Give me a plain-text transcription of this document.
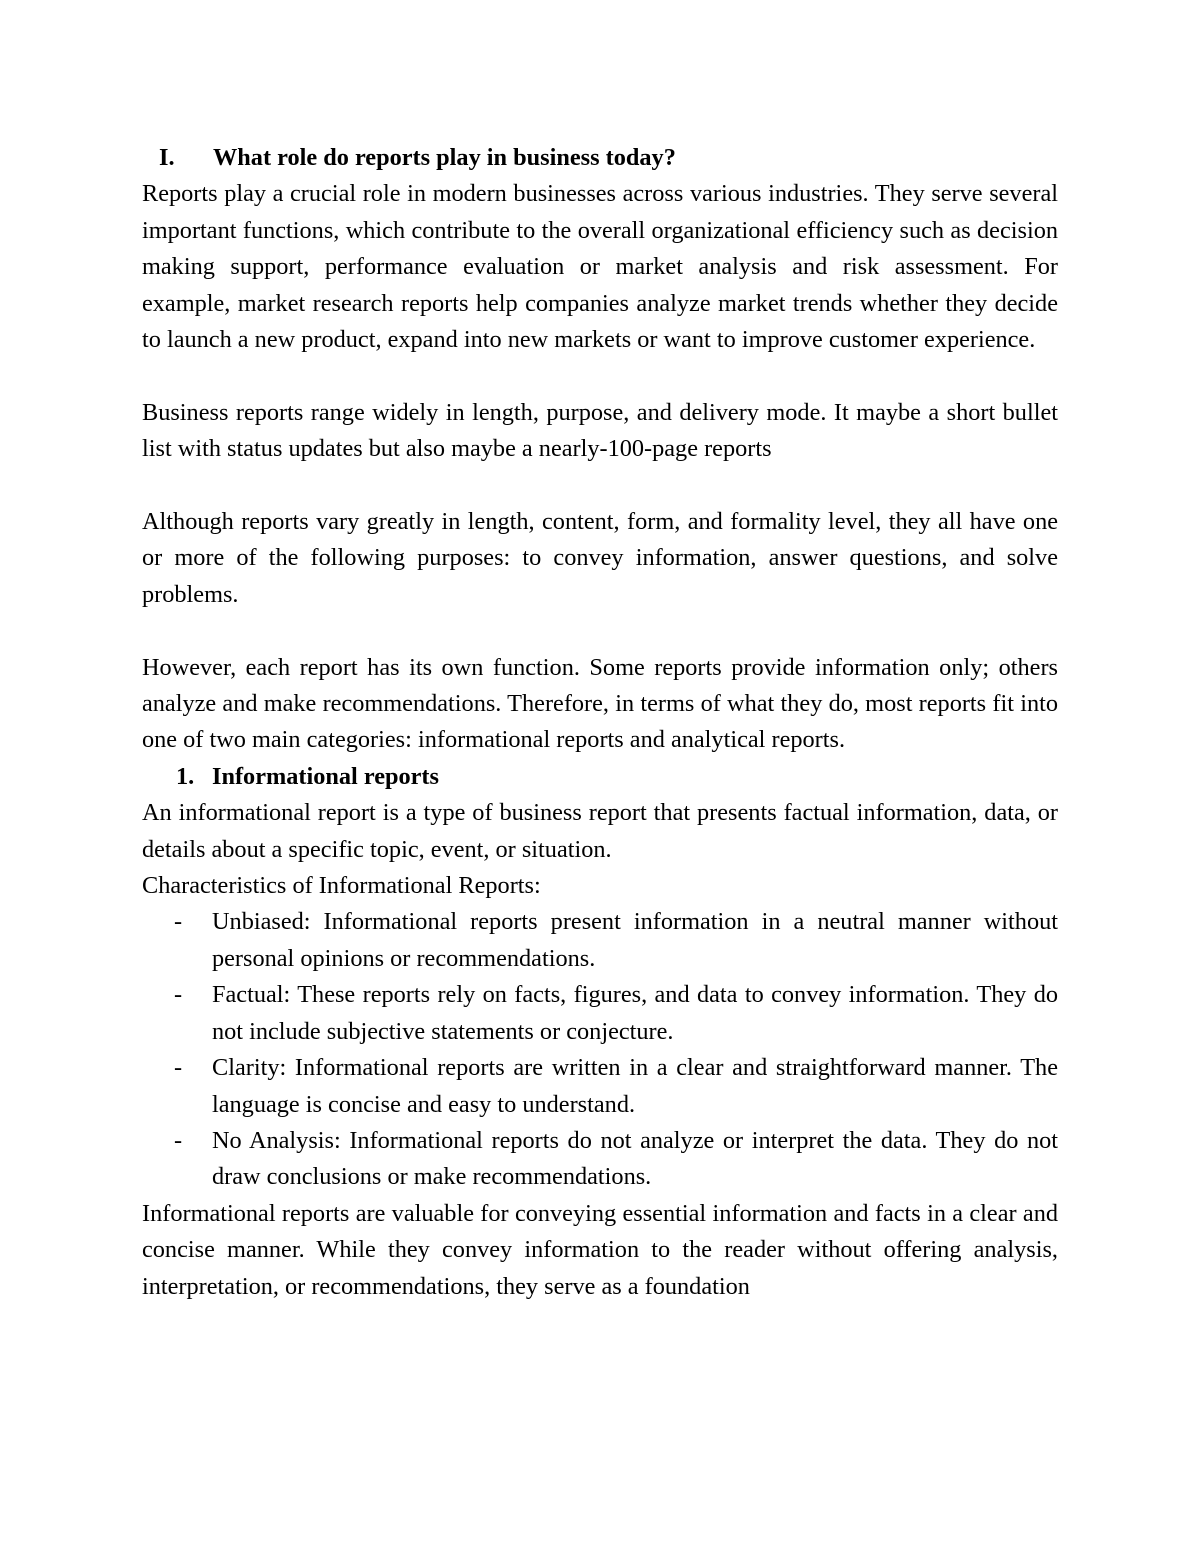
I.	What role do reports play in business today?

Reports play a crucial role in modern businesses across various industries. They serve several important functions, which contribute to the overall organizational efficiency such as decision making support, performance evaluation or market analysis and risk assessment. For example, market research reports help companies analyze market trends whether they decide to launch a new product, expand into new markets or want to improve customer experience.

Business reports range widely in length, purpose, and delivery mode. It maybe a short bullet list with status updates but also maybe a nearly-100-page reports

Although reports vary greatly in length, content, form, and formality level, they all have one or more of the following purposes: to convey information, answer questions, and solve problems.

However, each report has its own function. Some reports provide information only; others analyze and make recommendations. Therefore, in terms of what they do, most reports fit into one of two main categories: informational reports and analytical reports.

1. Informational reports

An informational report is a type of business report that presents factual information, data, or details about a specific topic, event, or situation.

Characteristics of Informational Reports:

- Unbiased: Informational reports present information in a neutral manner without personal opinions or recommendations.
- Factual: These reports rely on facts, figures, and data to convey information. They do not include subjective statements or conjecture.
- Clarity: Informational reports are written in a clear and straightforward manner. The language is concise and easy to understand.
- No Analysis: Informational reports do not analyze or interpret the data. They do not draw conclusions or make recommendations.

Informational reports are valuable for conveying essential information and facts in a clear and concise manner. While they convey information to the reader without offering analysis, interpretation, or recommendations, they serve as a foundation
